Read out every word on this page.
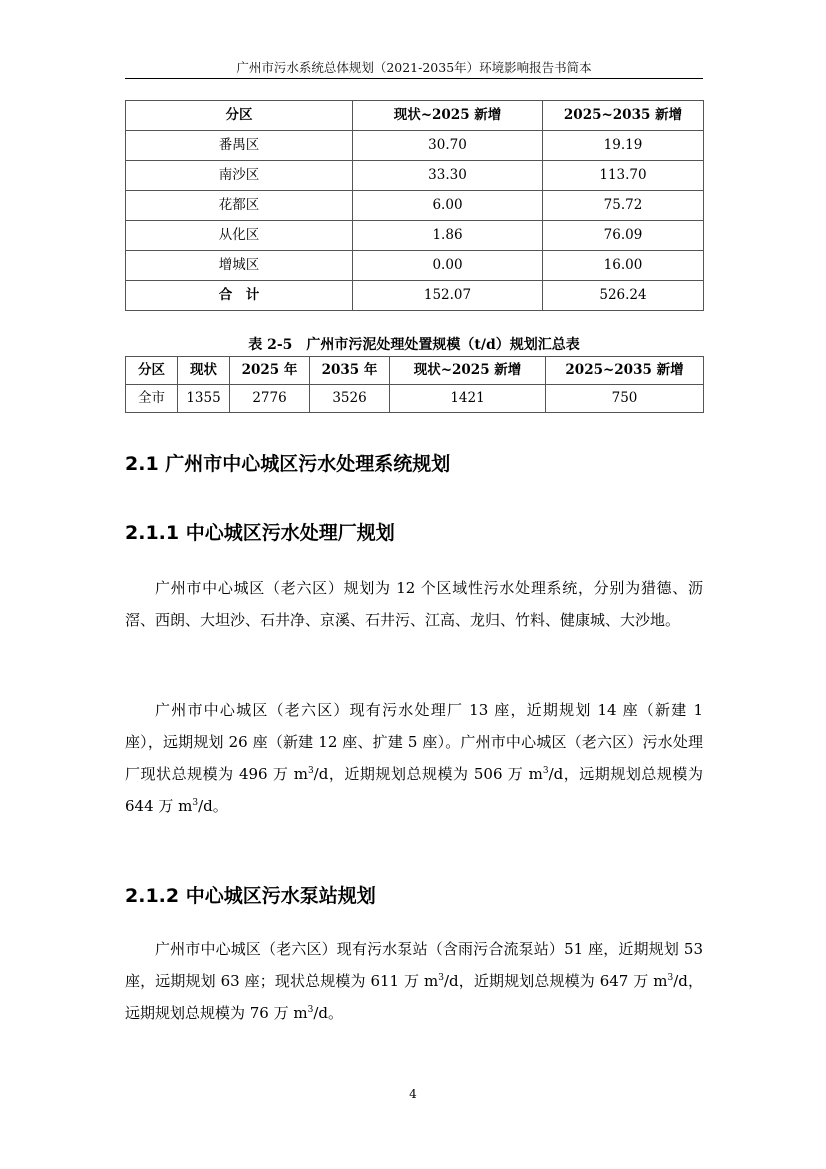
广州市污水系统总体规划（2021-2035年）环境影响报告书简本
分区	现状~2025 新增	2025~2035 新增
番禺区	30.70	19.19
南沙区	33.30	113.70
花都区	6.00	75.72
从化区	1.86	76.09
增城区	0.00	16.00
合　计	152.07	526.24
表 2-5　广州市污泥处理处置规模（t/d）规划汇总表
分区	现状	2025 年	2035 年	现状~2025 新增	2025~2035 新增
全市	1355	2776	3526	1421	750
2.1 广州市中心城区污水处理系统规划
2.1.1 中心城区污水处理厂规划

广州市中心城区（老六区）规划为 12 个区域性污水处理系统，分别为猎德、沥滘、西朗、大坦沙、石井净、京溪、石井污、江高、龙归、竹料、健康城、大沙地。

广州市中心城区（老六区）现有污水处理厂 13 座，近期规划 14 座（新建 1 座），远期规划 26 座（新建 12 座、扩建 5 座）。广州市中心城区（老六区）污水处理厂现状总规模为 496 万 $m^3/d$，近期规划总规模为 506 万 $m^3/d$，远期规划总规模为 644 万 $m^3/d$。

2.1.2 中心城区污水泵站规划

广州市中心城区（老六区）现有污水泵站（含雨污合流泵站）51 座，近期规划 53 座，远期规划 63 座；现状总规模为 611 万 $m^3/d$，近期规划总规模为 647 万 $m^3/d$，远期规划总规模为 76 万 $m^3/d$。

4
